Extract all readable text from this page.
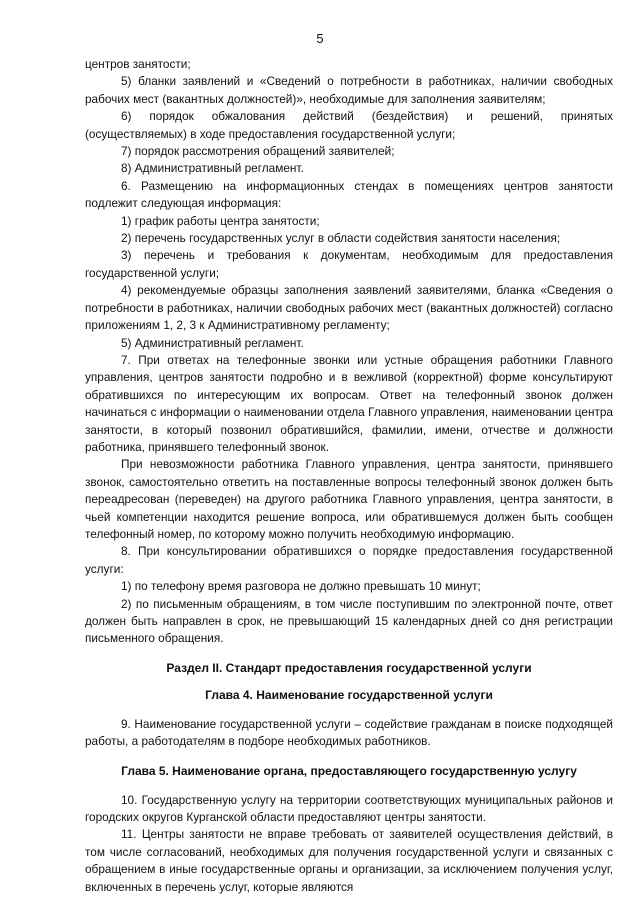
5

центров занятости;

5) бланки заявлений и «Сведений о потребности в работниках, наличии свободных рабочих мест (вакантных должностей)», необходимые для заполнения заявителям;

6) порядок обжалования действий (бездействия) и решений, принятых (осуществляемых) в ходе предоставления государственной услуги;

7) порядок рассмотрения обращений заявителей;

8) Административный регламент.

6. Размещению на информационных стендах в помещениях центров занятости подлежит следующая информация:

1) график работы центра занятости;

2) перечень государственных услуг в области содействия занятости населения;

3) перечень и требования к документам, необходимым для предоставления государственной услуги;

4) рекомендуемые образцы заполнения заявлений заявителями, бланка «Сведения о потребности в работниках, наличии свободных рабочих мест (вакантных должностей) согласно приложениям 1, 2, 3 к Административному регламенту;

5) Административный регламент.

7. При ответах на телефонные звонки или устные обращения работники Главного управления, центров занятости подробно и в вежливой (корректной) форме консультируют обратившихся по интересующим их вопросам. Ответ на телефонный звонок должен начинаться с информации о наименовании отдела Главного управления, наименовании центра занятости, в который позвонил обратившийся, фамилии, имени, отчестве и должности работника, принявшего телефонный звонок.

При невозможности работника Главного управления, центра занятости, принявшего звонок, самостоятельно ответить на поставленные вопросы телефонный звонок должен быть переадресован (переведен) на другого работника Главного управления, центра занятости, в чьей компетенции находится решение вопроса, или обратившемуся должен быть сообщен телефонный номер, по которому можно получить необходимую информацию.

8. При консультировании обратившихся о порядке предоставления государственной услуги:

1) по телефону время разговора не должно превышать 10 минут;

2) по письменным обращениям, в том числе поступившим по электронной почте, ответ должен быть направлен в срок, не превышающий 15 календарных дней со дня регистрации письменного обращения.

Раздел II. Стандарт предоставления государственной услуги
Глава 4. Наименование государственной услуги

9. Наименование государственной услуги – содействие гражданам в поиске подходящей работы, а работодателям в подборе необходимых работников.

Глава 5. Наименование органа, предоставляющего государственную услугу

10. Государственную услугу на территории соответствующих муниципальных районов и городских округов Курганской области предоставляют центры занятости.

11. Центры занятости не вправе требовать от заявителей осуществления действий, в том числе согласований, необходимых для получения государственной услуги и связанных с обращением в иные государственные органы и организации, за исключением получения услуг, включенных в перечень услуг, которые являются
